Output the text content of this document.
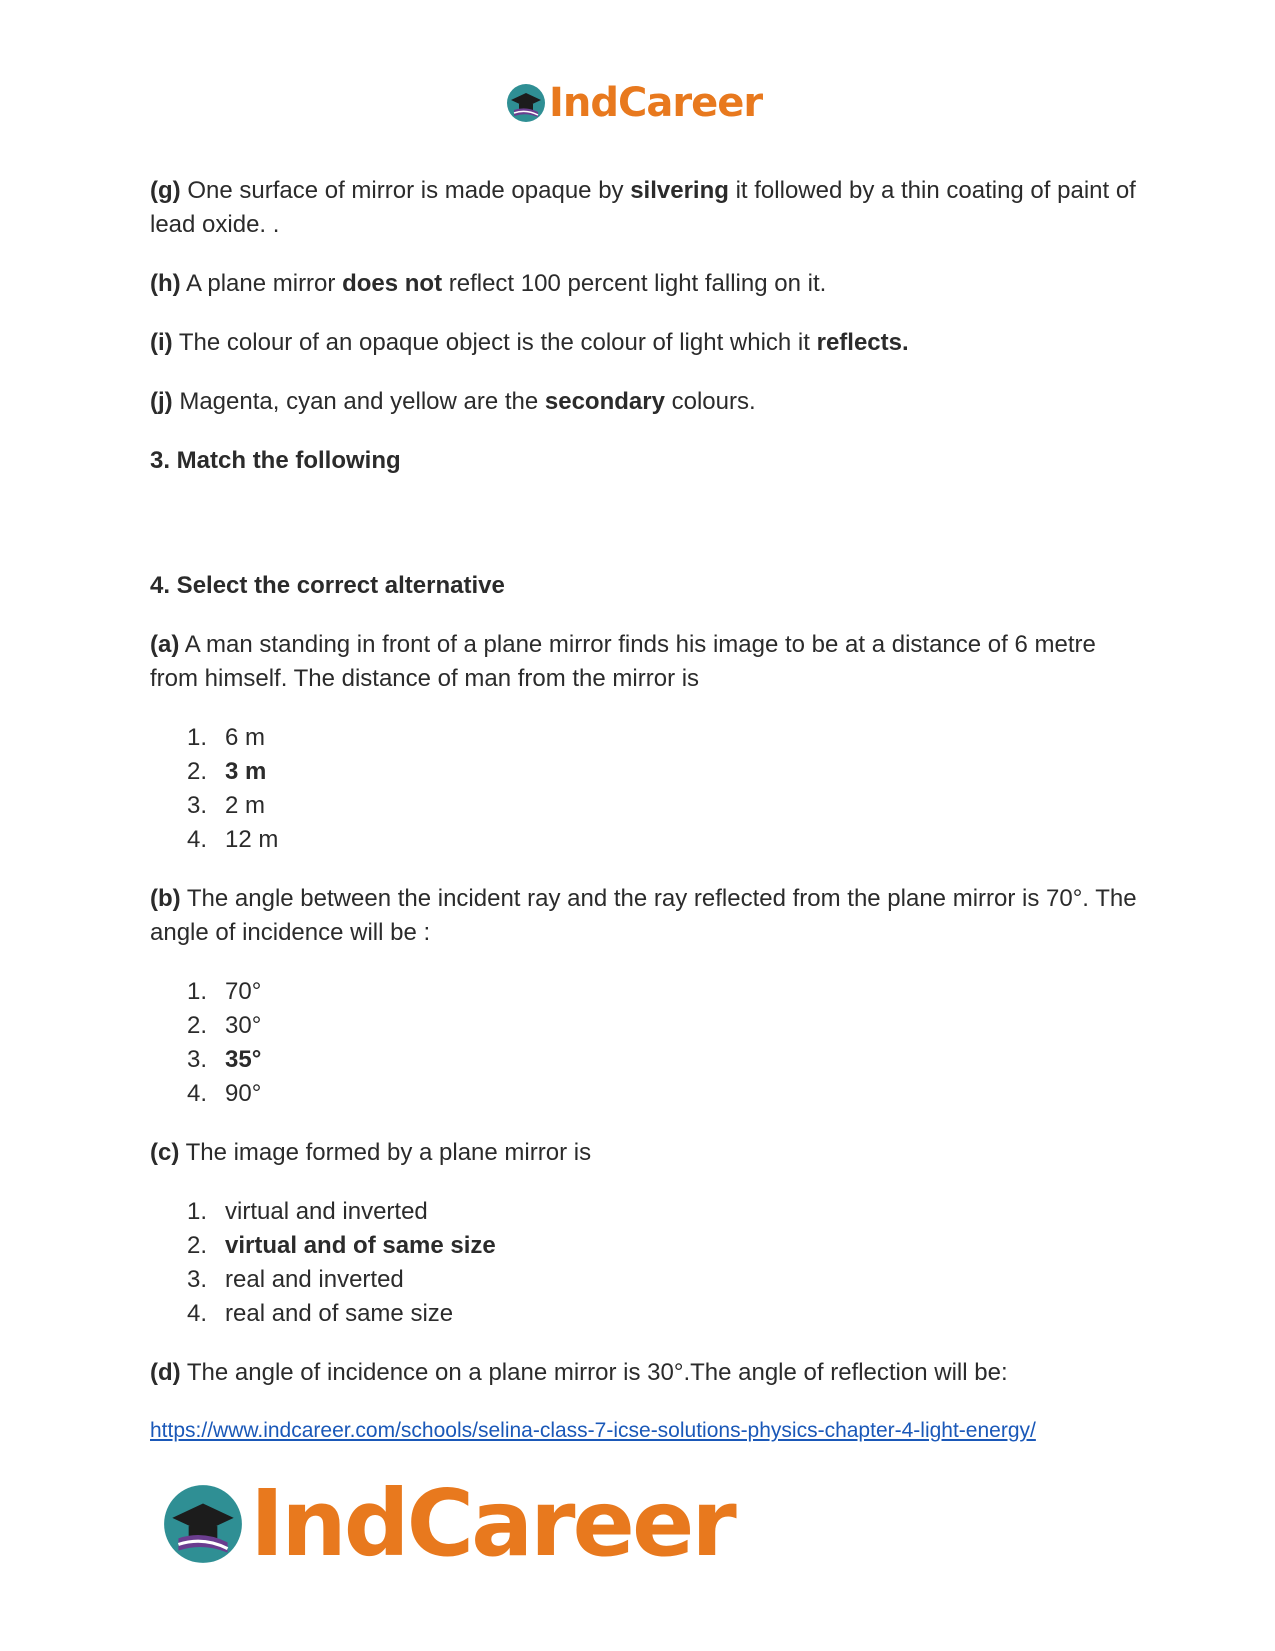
IndCareer

(g) One surface of mirror is made opaque by silvering it followed by a thin coating of paint of lead oxide. .

(h) A plane mirror does not reflect 100 percent light falling on it.

(i) The colour of an opaque object is the colour of light which it reflects.

(j) Magenta, cyan and yellow are the secondary colours.

3. Match the following

4. Select the correct alternative

(a) A man standing in front of a plane mirror finds his image to be at a distance of 6 metre from himself. The distance of man from the mirror is

1. 6 m
2. 3 m
3. 2 m
4. 12 m

(b) The angle between the incident ray and the ray reflected from the plane mirror is 70°. The angle of incidence will be :

1. 70°
2. 30°
3. 35°
4. 90°

(c) The image formed by a plane mirror is

1. virtual and inverted
2. virtual and of same size
3. real and inverted
4. real and of same size

(d) The angle of incidence on a plane mirror is 30°.The angle of reflection will be:

https://www.indcareer.com/schools/selina-class-7-icse-solutions-physics-chapter-4-light-energy/

IndCareer
